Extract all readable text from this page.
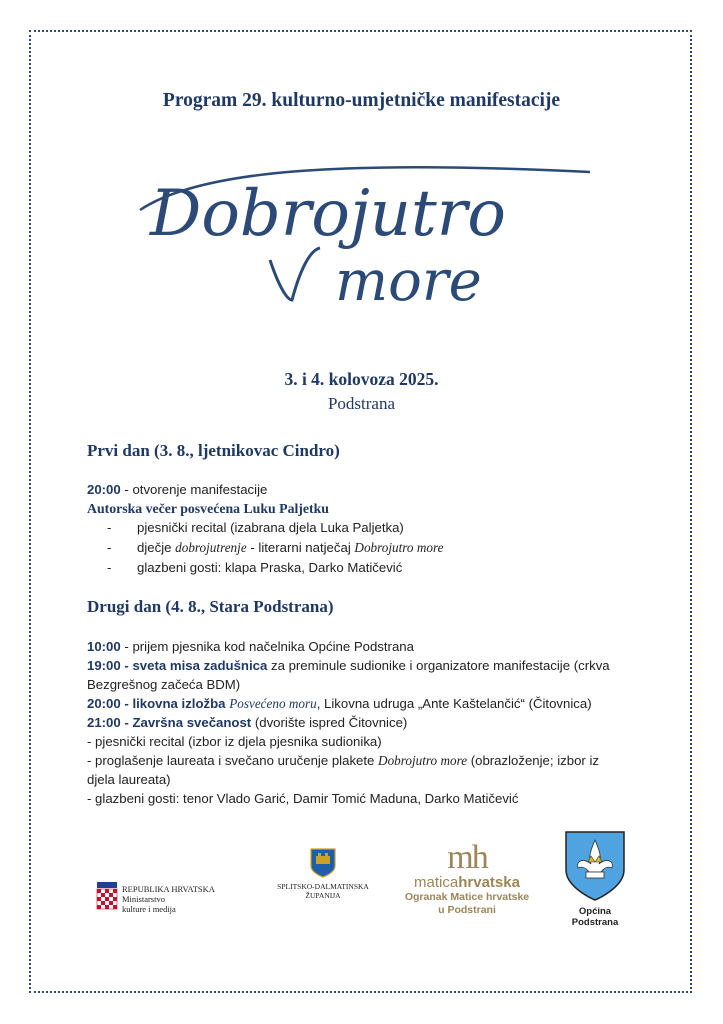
Program 29. kulturno-umjetničke manifestacije
Dobrojutro
more
3. i 4. kolovoza 2025.
Podstrana
Prvi dan (3. 8., ljetnikovac Cindro)
20:00 - otvorenje manifestacije
Autorska večer posvećena Luku Paljetku
- pjesnički recital (izabrana djela Luka Paljetka)
- dječje dobrojutrenje - literarni natječaj Dobrojutro more
- glazbeni gosti: klapa Praska, Darko Matičević
Drugi dan (4. 8., Stara Podstrana)
10:00 - prijem pjesnika kod načelnika Općine Podstrana
19:00 - sveta misa zadušnica za preminule sudionike i organizatore manifestacije (crkva
Bezgrešnog začeća BDM)
20:00 - likovna izložba Posvećeno moru, Likovna udruga „Ante Kaštelančić“ (Čitovnica)
21:00 - Završna svečanost (dvorište ispred Čitovnice)
- pjesnički recital (izbor iz djela pjesnika sudionika)
- proglašenje laureata i svečano uručenje plakete Dobrojutro more (obrazloženje; izbor iz
djela laureata)
- glazbeni gosti: tenor Vlado Garić, Damir Tomić Maduna, Darko Matičević
REPUBLIKA HRVATSKA
Ministarstvo
kulture i medija
SPLITSKO-DALMATINSKA
ŽUPANIJA
mh
maticahrvatska
Ogranak Matice hrvatske
u Podstrani	Općina Podstrana
